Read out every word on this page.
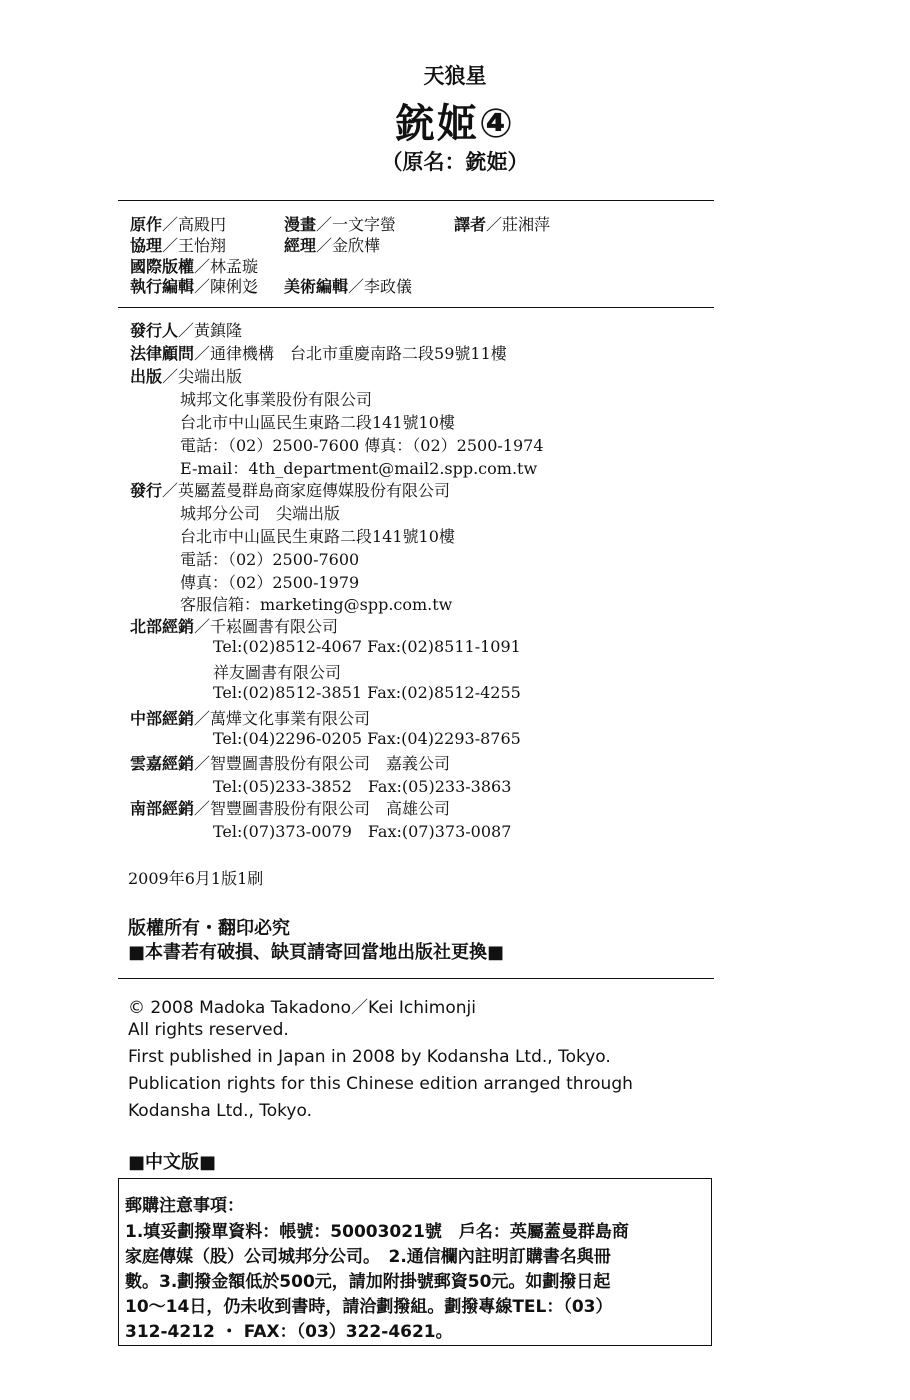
天狼星
銃姬④
（原名：銃姫）
原作／高殿円	漫畫／一文字螢	譯者／莊湘萍
協理／王怡翔	經理／金欣樺
國際版權／林孟璇
執行編輯／陳俐彣 美術編輯／李政儀
發行人／黃鎮隆
法律顧問／通律機構　台北市重慶南路二段59號11樓
出版／尖端出版
城邦文化事業股份有限公司
台北市中山區民生東路二段141號10樓
電話：（02）2500-7600 傳真：（02）2500-1974
E-mail：4th_department@mail2.spp.com.tw
發行／英屬蓋曼群島商家庭傳媒股份有限公司
城邦分公司　尖端出版
台北市中山區民生東路二段141號10樓
電話：（02）2500-7600
傳真：（02）2500-1979
客服信箱：marketing@spp.com.tw
北部經銷／千崧圖書有限公司
Tel:(02)8512-4067 Fax:(02)8511-1091
祥友圖書有限公司
Tel:(02)8512-3851 Fax:(02)8512-4255
中部經銷／萬燁文化事業有限公司
Tel:(04)2296-0205 Fax:(04)2293-8765
雲嘉經銷／智豐圖書股份有限公司　嘉義公司
Tel:(05)233-3852　Fax:(05)233-3863
南部經銷／智豐圖書股份有限公司　高雄公司
Tel:(07)373-0079　Fax:(07)373-0087
2009年6月1版1刷
版權所有・翻印必究
■本書若有破損、缺頁請寄回當地出版社更換■
© 2008 Madoka Takadono／Kei Ichimonji
All rights reserved.
First published in Japan in 2008 by Kodansha Ltd., Tokyo.
Publication rights for this Chinese edition arranged through
Kodansha Ltd., Tokyo.
■中文版■
郵購注意事項：
1.填妥劃撥單資料：帳號：50003021號　戶名：英屬蓋曼群島商
家庭傳媒（股）公司城邦分公司。　2.通信欄內註明訂購書名與冊
數。3.劃撥金額低於500元，請加附掛號郵資50元。如劃撥日起
10～14日，仍未收到書時，請洽劃撥組。劃撥專線TEL：（03）
312-4212 ・ FAX：（03）322-4621。
